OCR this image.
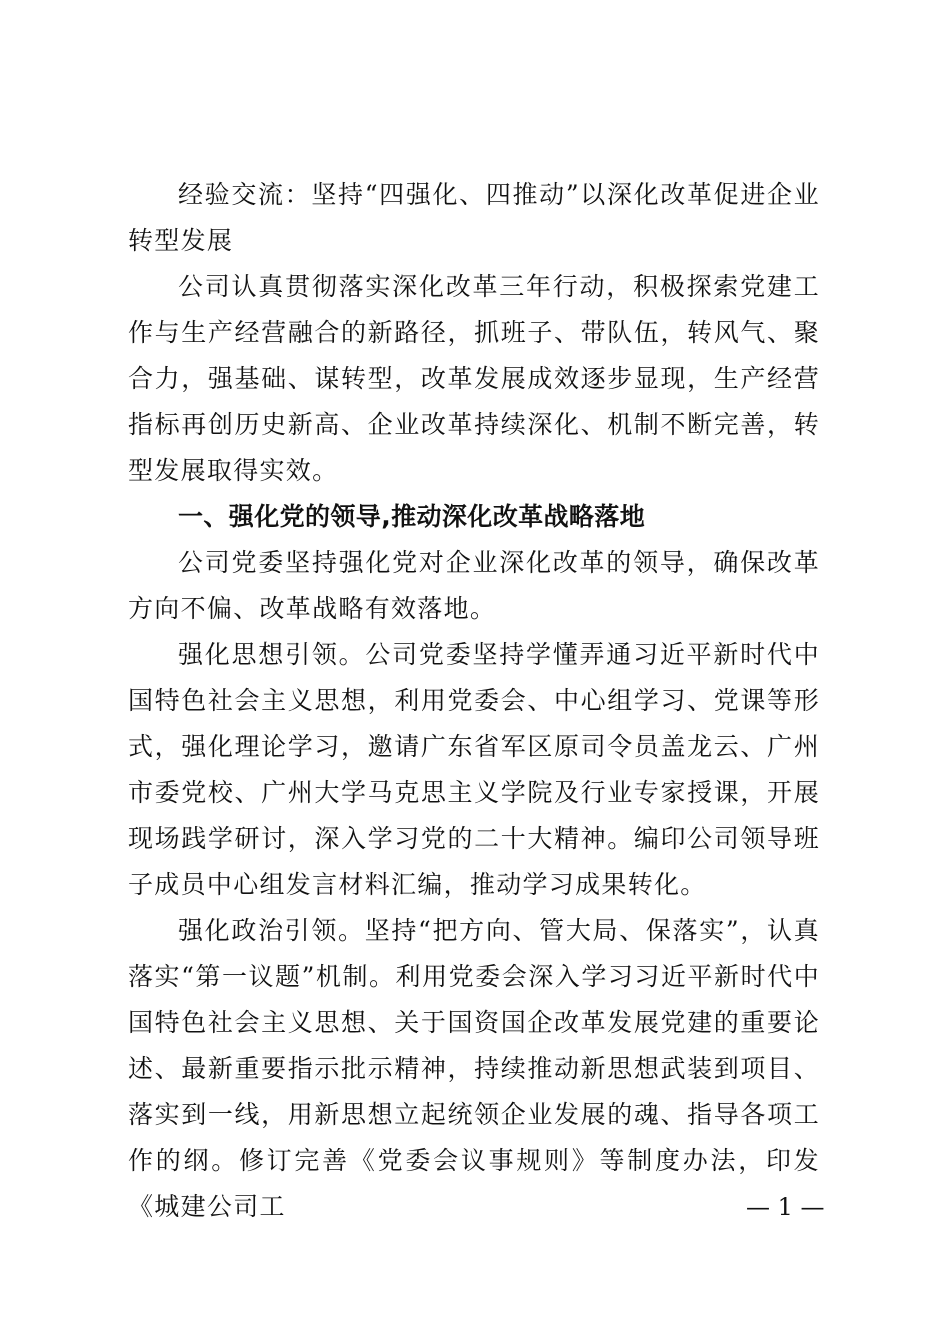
经验交流：坚持“四强化、四推动”以深化改革促进企业转型发展

公司认真贯彻落实深化改革三年行动，积极探索党建工作与生产经营融合的新路径，抓班子、带队伍，转风气、聚合力，强基础、谋转型，改革发展成效逐步显现，生产经营指标再创历史新高、企业改革持续深化、机制不断完善，转型发展取得实效。

一、强化党的领导,推动深化改革战略落地

公司党委坚持强化党对企业深化改革的领导，确保改革方向不偏、改革战略有效落地。

强化思想引领。公司党委坚持学懂弄通习近平新时代中国特色社会主义思想，利用党委会、中心组学习、党课等形式，强化理论学习，邀请广东省军区原司令员盖龙云、广州市委党校、广州大学马克思主义学院及行业专家授课，开展现场践学研讨，深入学习党的二十大精神。编印公司领导班子成员中心组发言材料汇编，推动学习成果转化。

强化政治引领。坚持“把方向、管大局、保落实”，认真落实“第一议题”机制。利用党委会深入学习习近平新时代中国特色社会主义思想、关于国资国企改革发展党建的重要论述、最新重要指示批示精神，持续推动新思想武装到项目、落实到一线，用新思想立起统领企业发展的魂、指导各项工作的纲。修订完善《党委会议事规则》等制度办法，印发《城建公司工	— 1 —
